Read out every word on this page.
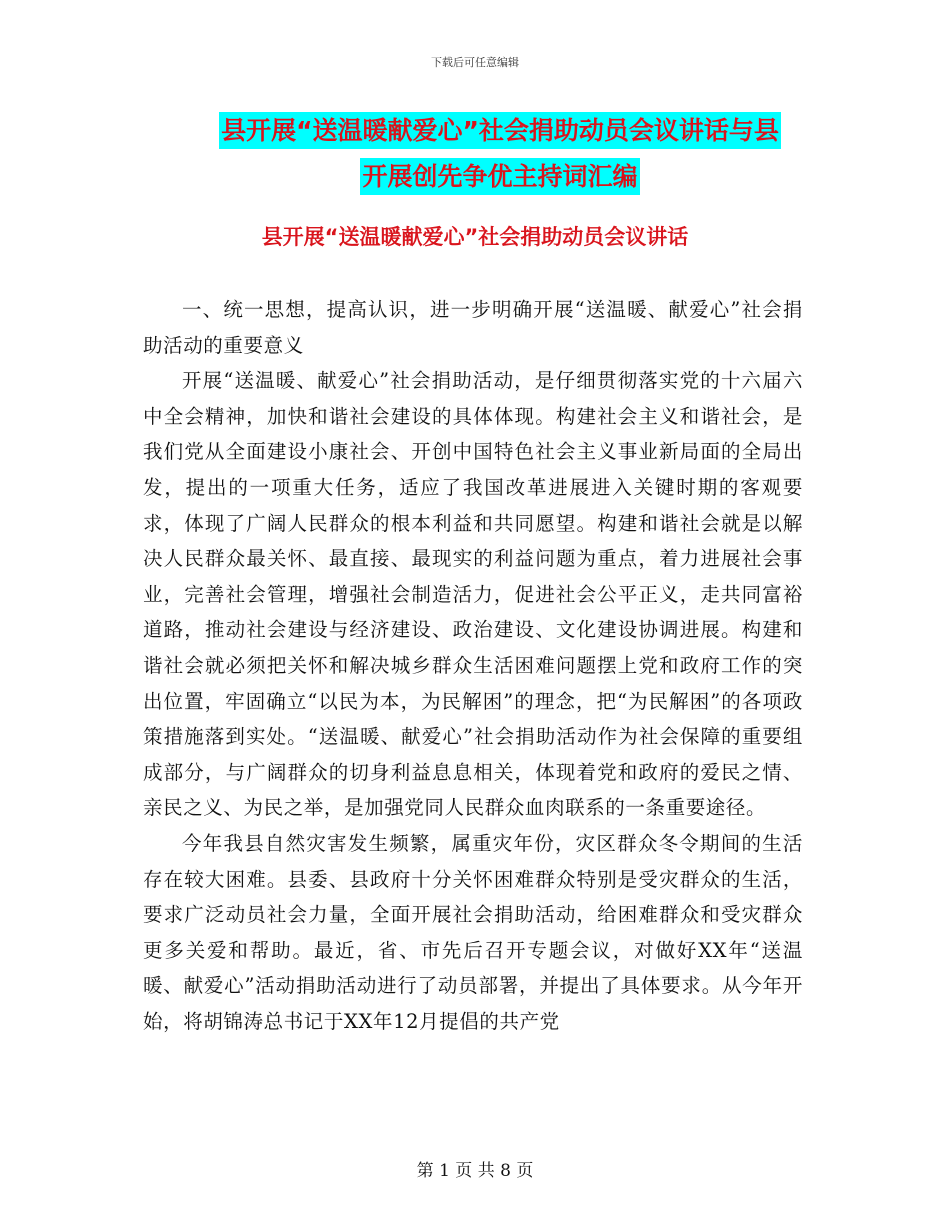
下载后可任意编辑
县开展“送温暖献爱心”社会捐助动员会议讲话与县
开展创先争优主持词汇编
县开展“送温暖献爱心”社会捐助动员会议讲话

一、统一思想，提高认识，进一步明确开展“送温暖、献爱心”社会捐助活动的重要意义

开展“送温暖、献爱心”社会捐助活动，是仔细贯彻落实党的十六届六中全会精神，加快和谐社会建设的具体体现。构建社会主义和谐社会，是我们党从全面建设小康社会、开创中国特色社会主义事业新局面的全局出发，提出的一项重大任务，适应了我国改革进展进入关键时期的客观要求，体现了广阔人民群众的根本利益和共同愿望。构建和谐社会就是以解决人民群众最关怀、最直接、最现实的利益问题为重点，着力进展社会事业，完善社会管理，增强社会制造活力，促进社会公平正义，走共同富裕道路，推动社会建设与经济建设、政治建设、文化建设协调进展。构建和谐社会就必须把关怀和解决城乡群众生活困难问题摆上党和政府工作的突出位置，牢固确立“以民为本，为民解困”的理念，把“为民解困”的各项政策措施落到实处。“送温暖、献爱心”社会捐助活动作为社会保障的重要组成部分，与广阔群众的切身利益息息相关，体现着党和政府的爱民之情、亲民之义、为民之举，是加强党同人民群众血肉联系的一条重要途径。

今年我县自然灾害发生频繁，属重灾年份，灾区群众冬令期间的生活存在较大困难。县委、县政府十分关怀困难群众特别是受灾群众的生活，要求广泛动员社会力量，全面开展社会捐助活动，给困难群众和受灾群众更多关爱和帮助。最近，省、市先后召开专题会议，对做好XX年“送温暖、献爱心”活动捐助活动进行了动员部署，并提出了具体要求。从今年开始，将胡锦涛总书记于XX年12月提倡的共产党

第 1 页 共 8 页
